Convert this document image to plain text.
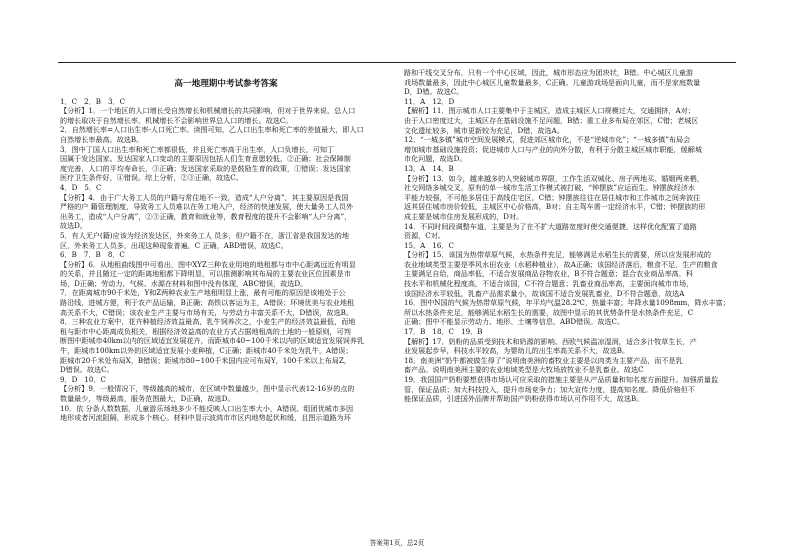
高一地理期中考试参考答案
1．C　2．B　3．C
【分析】1．一个地区的人口增长受自然增长和机械增长的共同影响，但对于世界来说，总人口
的增长取决于自然增长率，机械增长不会影响世界总人口的增长。故选C。
2．自然增长率=人口出生率-人口死亡率。读图可知，乙人口出生率和死亡率的差值最大，即人口
自然增长率最高。故选B。
3．图中丁国人口出生率和死亡率都很低，并且死亡率高于出生率，人口负增长，可知丁
国属于发达国家。发达国家人口变动的主要原因包括人们生育意愿较低，②正确；社会保障制
度完善，人口的平均寿命长，③正确；发达国家采取的是鼓励生育的政策，①错误；发达国家
医疗卫生条件好，④错误。综上分析，②③正确，故选C。
4．D　5．C
【分析】4．由于广大务工人员的户籍与常住地不一致，造成“人户分离”，其主要原因是我国
严格的户 籍管理制度，导致务工人员难以在务工地入户，经济的快速发展，使大量务工人员外
出务工，造成“人户分离”，②③正确，教育和就业等，教育程度的提升不会影响“人户分离”，
故选D。
5．有人无户(籍)应该为经济发达区，外来务工人 员多，但户籍不在，浙江省是我国发达的地
区，外来务工人员多，出现这种现象普遍，C 正确，ABD错误，故选C。
6．B　7．B　8．C
【分析】6．从地租曲线图中可看出，图中XYZ三种农业用地的地租都与市中心距离远近有明显
的关系，并且随过一定的距离地租都下降明显，可以推测影响其布局的主要农业区位因素是市
场，D正确；劳动力、气候、水源在材料和图中没有体现，ABC错误，故选D。
7．在距离城市90千米处，Y和Z两种农业生产地租明显上涨，最有可能的原因是该地处于公
路沿线，进城方便，利于农产品运输，B正确；高铁以客运为主，A错误；环境优美与农业地租
高关系不大，C错误；该农业生产主要与市场有关，与劳动力丰富关系不大，D错误，故选B。
8．三种农业方案中，花卉种植经济效益最高，乳牛饲养次之，小麦生产的经济效益最低，而地
租与距市中心距离成负相关，根据经济效益高的农业方式占据地租高的土地的一般原则，可判
断图中距城市40km以内的区域适宜发展花卉，而距城市40~100千米以内的区域适宜发展饲养乳
牛，距城市100km以外的区域适宜发展小麦种植，C正确；距城市40千米处为乳牛，A错误；
距城市20千米处布局X，B错误；距城市80~100千米国内应可布局Y，100千米以上布局Z，
D错误。故选C。
9．D　10．C
【分析】9．一般情况下，等级越高的城市，在区域中数量越少，图中显示代表12-16岁的点的
数量最少，等级最高，服务范围最大，D正确，故选D。
10．依 分条人数数据，儿童游乐场地多少不能反映人口出生率大小，A错误。组团优城市多因
地形或者河流阻隔，形成多个核心。材料中显示波鸿市市区内地势起伏和缓，且图示道路为环
路和干线交叉分布，只有一个中心区域，因此，城市形态应为团块状，B错。中心城区儿童游
戏场数量最多，因此中心城区儿童数量最多，C正确。儿童游戏场是面向儿童，而不是家庭数量
D，D错。故选C。
11．A　12．D
【解析】11．图示城市人口主要集中于主城区，造成主城区人口规模过大，交通拥挤，A对；
由于人口密度过大，主城区存在基础设施不足问题，B错；重工业多布局在郊区，C错；老城区
文化遗址较多，城市更新较为充足，D错，故选A。
12．“一城多镇”城市空间发展模式，促进郊区城市化，不是“逆城市化”；“一城多镇”布局会
增加城市基础设施投资；促进城市人口与产业的向外分散，有利于分散主城区城市职能，缓解城
市化问题，故选D。
13．A　14．B
【分析】13．如今，越来越多的人突破城市界限，工作生活双城化、房子两地买、婚姻两来栖，
社交网络多城交叉，原有的单一城市生活工作模式被打破，“钟摆族”应运而生。钟摆族经济水
平能力较强，不可能多居住于高线住宅区，C错；钟摆族往往在居住城市和工作城市之间奔波往
返其居住城市房价较低，主城区中心价格高，B对；自主驾车需一定经济水平，C错；钟摆族的形
成主要是城市住房发展形成的，D对。
14．不同时间段调整车道，主要是为了在不扩大道路宽度时使交通便捷，这样优化配置了道路
资源，C对。
15．A　16．C
【分析】15．该国为热带草原气候，水热条件充足，能够满足水稻生长的需要，所以应发展形成的
农业地域类型主要是季风水田农业（水稻种植业），故A正确；该国经济落后，粮食不足，生产的粮食
主要满足自给，商品率低，不适合发展商品谷物农业，B不符合题意；混合农业商品率高，科
技水平和机械化程度高，不适合该国，C不符合题意；乳畜业商品率高，主要面向城市市场，
该国经济水平较低，乳畜产品需求量小，故该国不适合发展乳畜业，D不符合题意，故选A
16．图中N国的气候为热带草原气候，年平均气温28.2℃，热量丰富；年降水量1098mm，降水丰富；
所以水热条件充足，能够满足水稻生长的需要，故图中显示的其优势条件是水热条件充足，C
正确；图中不能显示劳动力、地形、土壤等信息，ABD错误。故选C。
17．B　18．C　19．B
【解析】17．奶粉的品质受到技术和奶源的影响。西欧气候温凉湿润，适合多汁牧草生长，产
业发展起步早，科技水平较高，为婴幼儿的出生率高关系不大，故选B。
18．南美洲“奶牛都被做生得了”说明南美洲的畜牧业主要是以肉类为主要产品，而不是乳
畜产品。说明南美洲主要的农业地域类型是大牧场放牧业不是乳畜业。故选C
19．我国国产奶粉要想获得市场认可应采取的措施主要是从产品质量和知名度方面提升。加强质量监
管，保证品质；加大科技投入，提升市场竞争力；加大宣传力度，提高知名度。降低价格但不
能保证品质，引进国外品牌并帮助国产奶粉获得市场认可作用不大，故选B。
答案第1页，总2页
